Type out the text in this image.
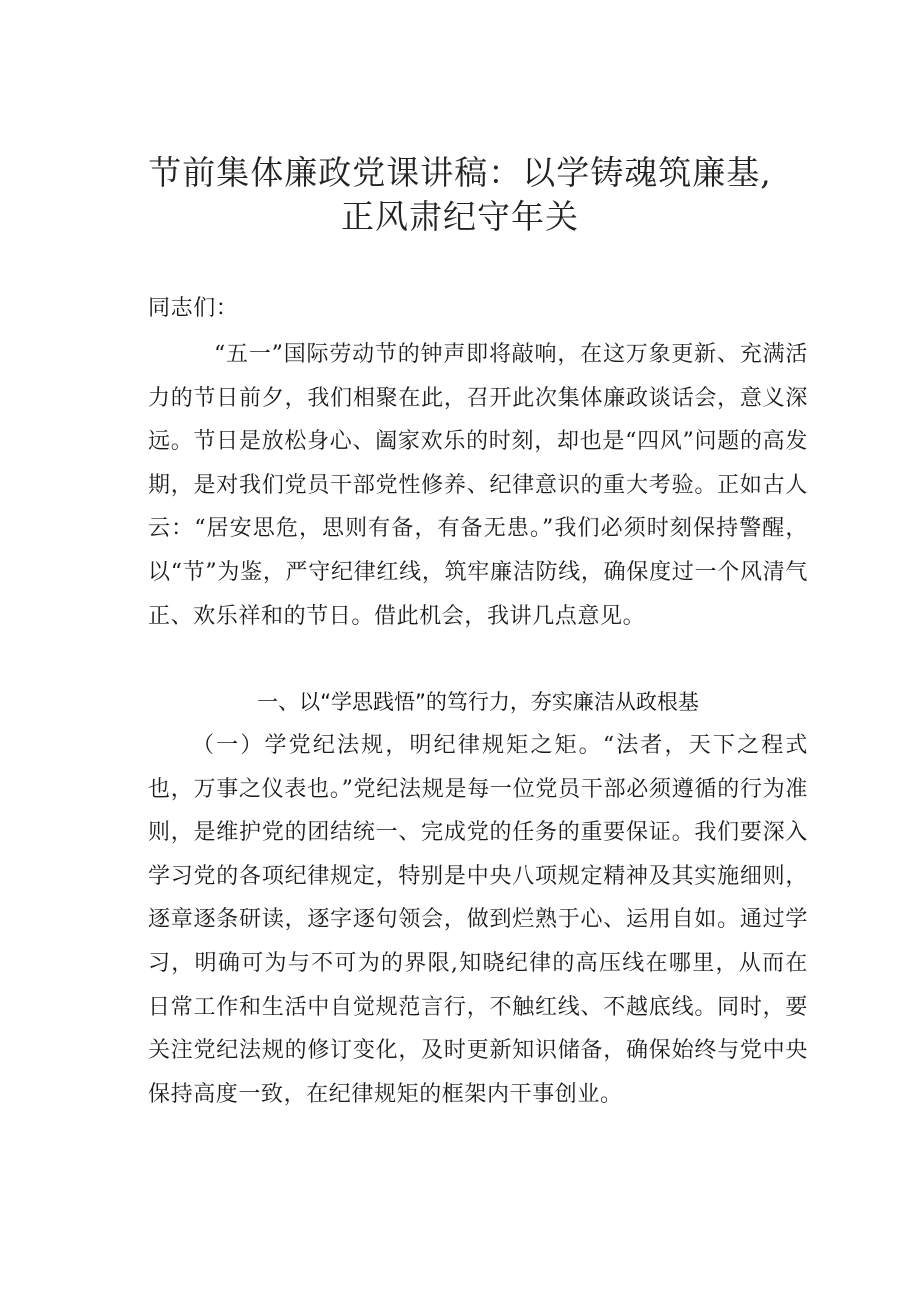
节前集体廉政党课讲稿：以学铸魂筑廉基,
正风肃纪守年关
同志们：
“五一”国际劳动节的钟声即将敲响，在这万象更新、充满活力的节日前夕，我们相聚在此，召开此次集体廉政谈话会，意义深远。节日是放松身心、阖家欢乐的时刻，却也是“四风”问题的高发期，是对我们党员干部党性修养、纪律意识的重大考验。正如古人云：“居安思危，思则有备，有备无患。”我们必须时刻保持警醒，以“节”为鉴，严守纪律红线，筑牢廉洁防线，确保度过一个风清气正、欢乐祥和的节日。借此机会，我讲几点意见。
一、以“学思践悟”的笃行力，夯实廉洁从政根基
（一）学党纪法规，明纪律规矩之矩。“法者，天下之程式也，万事之仪表也。”党纪法规是每一位党员干部必须遵循的行为准则，是维护党的团结统一、完成党的任务的重要保证。我们要深入学习党的各项纪律规定，特别是中央八项规定精神及其实施细则，逐章逐条研读，逐字逐句领会，做到烂熟于心、运用自如。通过学习，明确可为与不可为的界限,知晓纪律的高压线在哪里，从而在日常工作和生活中自觉规范言行，不触红线、不越底线。同时，要关注党纪法规的修订变化，及时更新知识储备，确保始终与党中央保持高度一致，在纪律规矩的框架内干事创业。
